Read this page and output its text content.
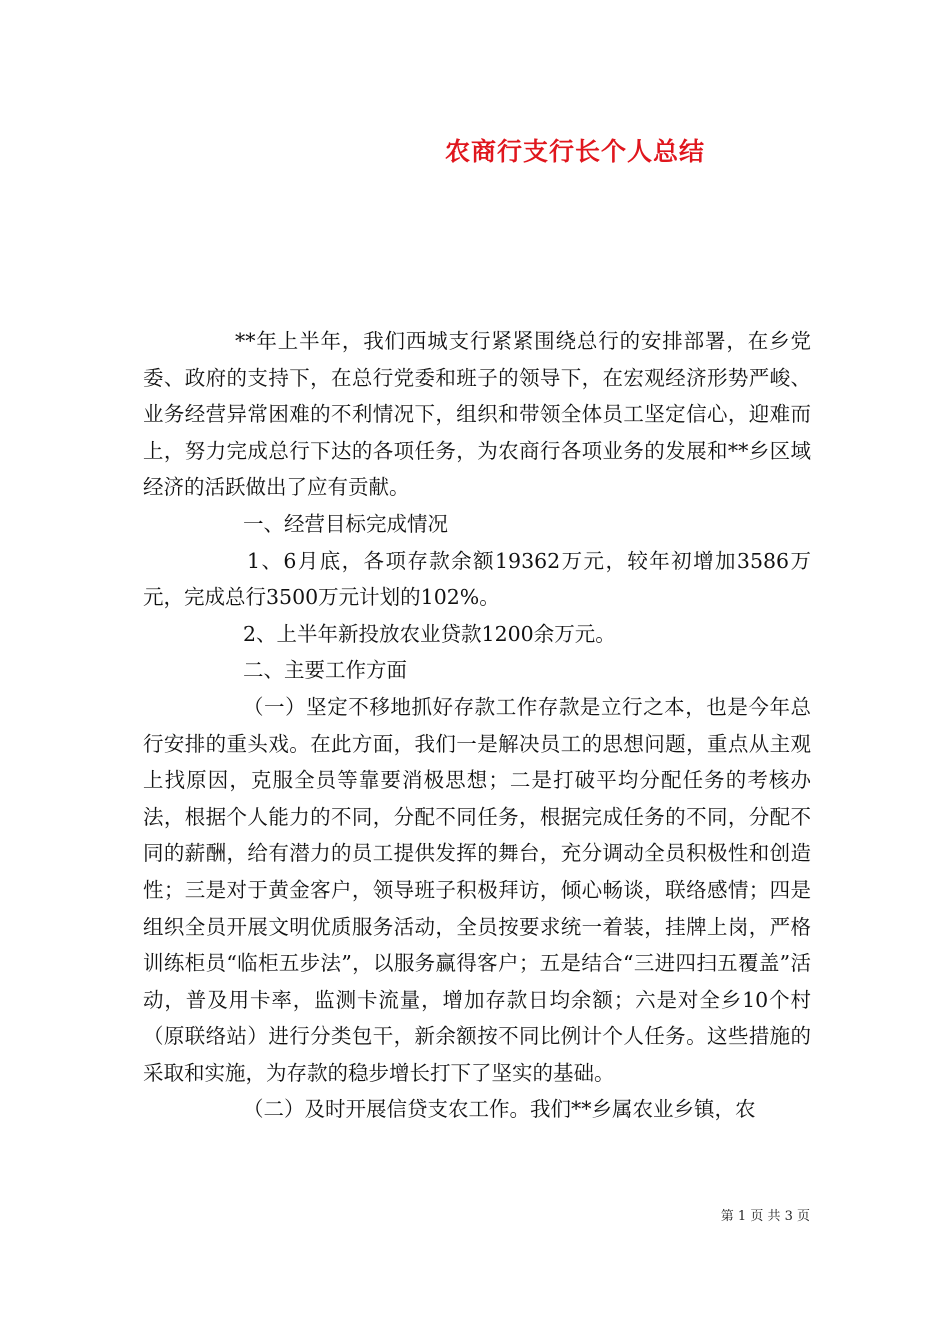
农商行支行长个人总结

**年上半年，我们西城支行紧紧围绕总行的安排部署，在乡党委、政府的支持下，在总行党委和班子的领导下，在宏观经济形势严峻、业务经营异常困难的不利情况下，组织和带领全体员工坚定信心，迎难而上，努力完成总行下达的各项任务，为农商行各项业务的发展和**乡区域经济的活跃做出了应有贡献。

一、经营目标完成情况

1、6月底，各项存款余额19362万元，较年初增加3586万元，完成总行3500万元计划的102%。

2、上半年新投放农业贷款1200余万元。

二、主要工作方面

（一）坚定不移地抓好存款工作存款是立行之本，也是今年总行安排的重头戏。在此方面，我们一是解决员工的思想问题，重点从主观上找原因，克服全员等靠要消极思想；二是打破平均分配任务的考核办法，根据个人能力的不同，分配不同任务，根据完成任务的不同，分配不同的薪酬，给有潜力的员工提供发挥的舞台，充分调动全员积极性和创造性；三是对于黄金客户，领导班子积极拜访，倾心畅谈，联络感情；四是组织全员开展文明优质服务活动，全员按要求统一着装，挂牌上岗，严格训练柜员“临柜五步法”，以服务赢得客户；五是结合“三进四扫五覆盖”活动，普及用卡率，监测卡流量，增加存款日均余额；六是对全乡10个村（原联络站）进行分类包干，新余额按不同比例计个人任务。这些措施的采取和实施，为存款的稳步增长打下了坚实的基础。

（二）及时开展信贷支农工作。我们**乡属农业乡镇，农

第 1 页 共 3 页
